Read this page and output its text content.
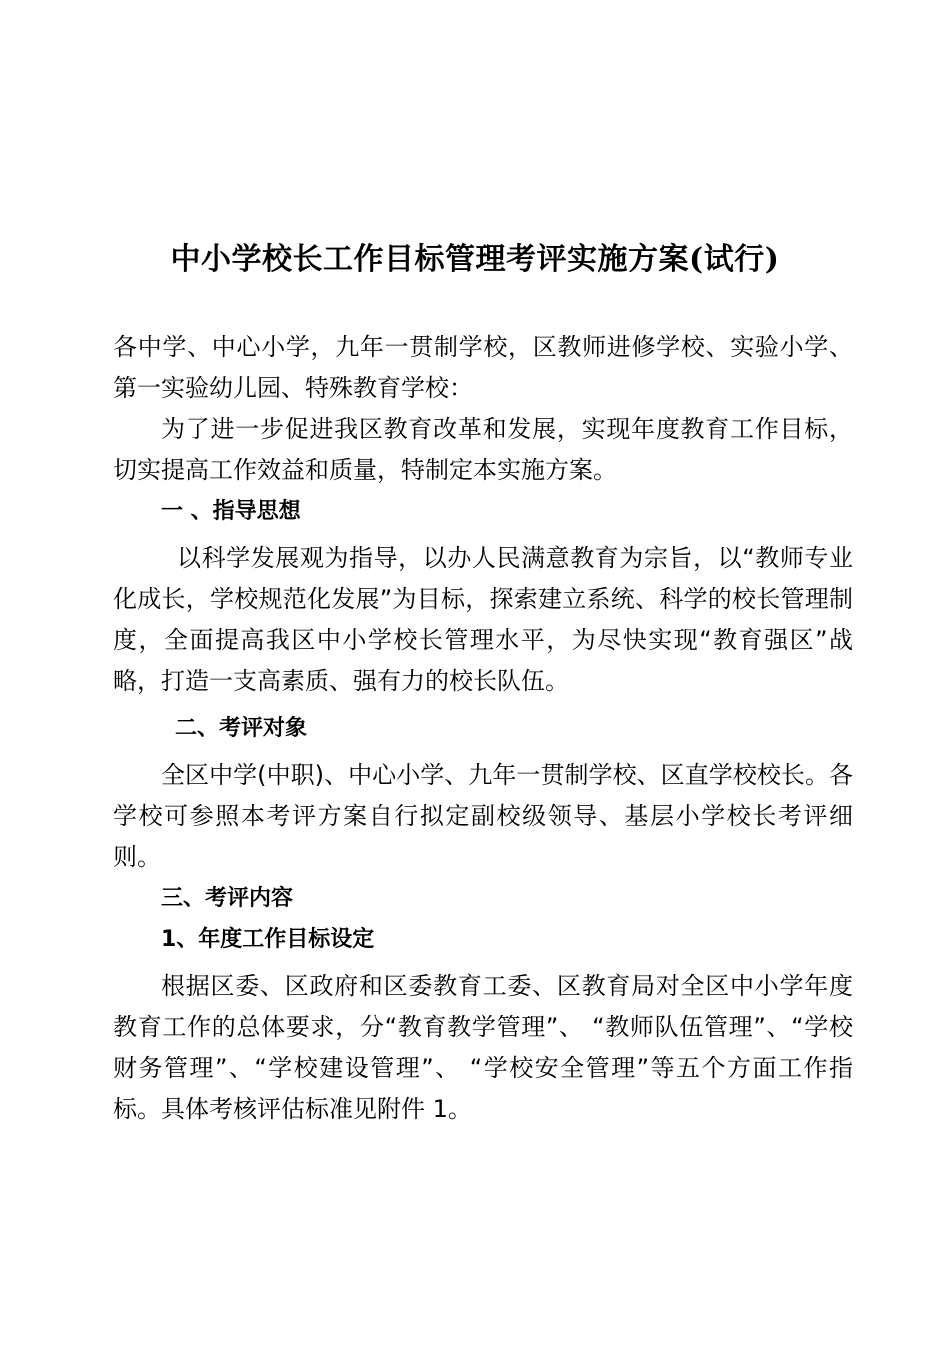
中小学校长工作目标管理考评实施方案(试行)

各中学、中心小学，九年一贯制学校，区教师进修学校、实验小学、第一实验幼儿园、特殊教育学校：

为了进一步促进我区教育改革和发展，实现年度教育工作目标，切实提高工作效益和质量，特制定本实施方案。

一 、指导思想

以科学发展观为指导，以办人民满意教育为宗旨，以“教师专业化成长，学校规范化发展”为目标，探索建立系统、科学的校长管理制度，全面提高我区中小学校长管理水平，为尽快实现“教育强区”战略，打造一支高素质、强有力的校长队伍。

二、考评对象

全区中学(中职)、中心小学、九年一贯制学校、区直学校校长。各学校可参照本考评方案自行拟定副校级领导、基层小学校长考评细则。

三、考评内容

1、年度工作目标设定

根据区委、区政府和区委教育工委、区教育局对全区中小学年度教育工作的总体要求，分“教育教学管理”、 “教师队伍管理”、“学校财务管理”、“学校建设管理”、 “学校安全管理”等五个方面工作指标。具体考核评估标准见附件 1。
